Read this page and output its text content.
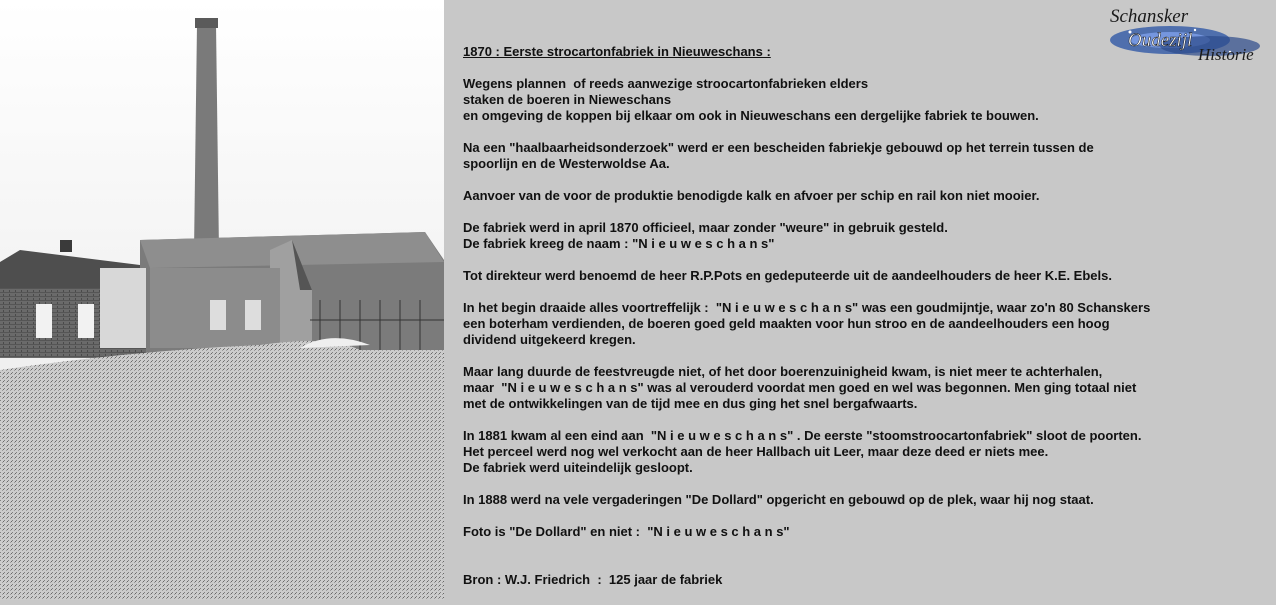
Schansker
Oudezijl
Historie
1870 : Eerste strocartonfabriek in Nieuweschans :
Wegens plannen  of reeds aanwezige stroocartonfabrieken elders
staken de boeren in Nieweschans
en omgeving de koppen bij elkaar om ook in Nieuweschans een dergelijke fabriek te bouwen.
Na een "haalbaarheidsonderzoek" werd er een bescheiden fabriekje gebouwd op het terrein tussen de
spoorlijn en de Westerwoldse Aa.
Aanvoer van de voor de produktie benodigde kalk en afvoer per schip en rail kon niet mooier.
De fabriek werd in april 1870 officieel, maar zonder "weure" in gebruik gesteld.
De fabriek kreeg de naam : "N i e u w e s c h a n s"
Tot direkteur werd benoemd de heer R.P.Pots en gedeputeerde uit de aandeelhouders de heer K.E. Ebels.
In het begin draaide alles voortreffelijk :  "N i e u w e s c h a n s" was een goudmijntje, waar zo'n 80 Schanskers
een boterham verdienden, de boeren goed geld maakten voor hun stroo en de aandeelhouders een hoog
dividend uitgekeerd kregen.
Maar lang duurde de feestvreugde niet, of het door boerenzuinigheid kwam, is niet meer te achterhalen,
maar  "N i e u w e s c h a n s" was al verouderd voordat men goed en wel was begonnen. Men ging totaal niet
met de ontwikkelingen van de tijd mee en dus ging het snel bergafwaarts.
In 1881 kwam al een eind aan  "N i e u w e s c h a n s" . De eerste "stoomstroocartonfabriek" sloot de poorten.
Het perceel werd nog wel verkocht aan de heer Hallbach uit Leer, maar deze deed er niets mee.
De fabriek werd uiteindelijk gesloopt.
In 1888 werd na vele vergaderingen "De Dollard" opgericht en gebouwd op de plek, waar hij nog staat.
Foto is "De Dollard" en niet :  "N i e u w e s c h a n s"
Bron : W.J. Friedrich  :  125 jaar de fabriek
